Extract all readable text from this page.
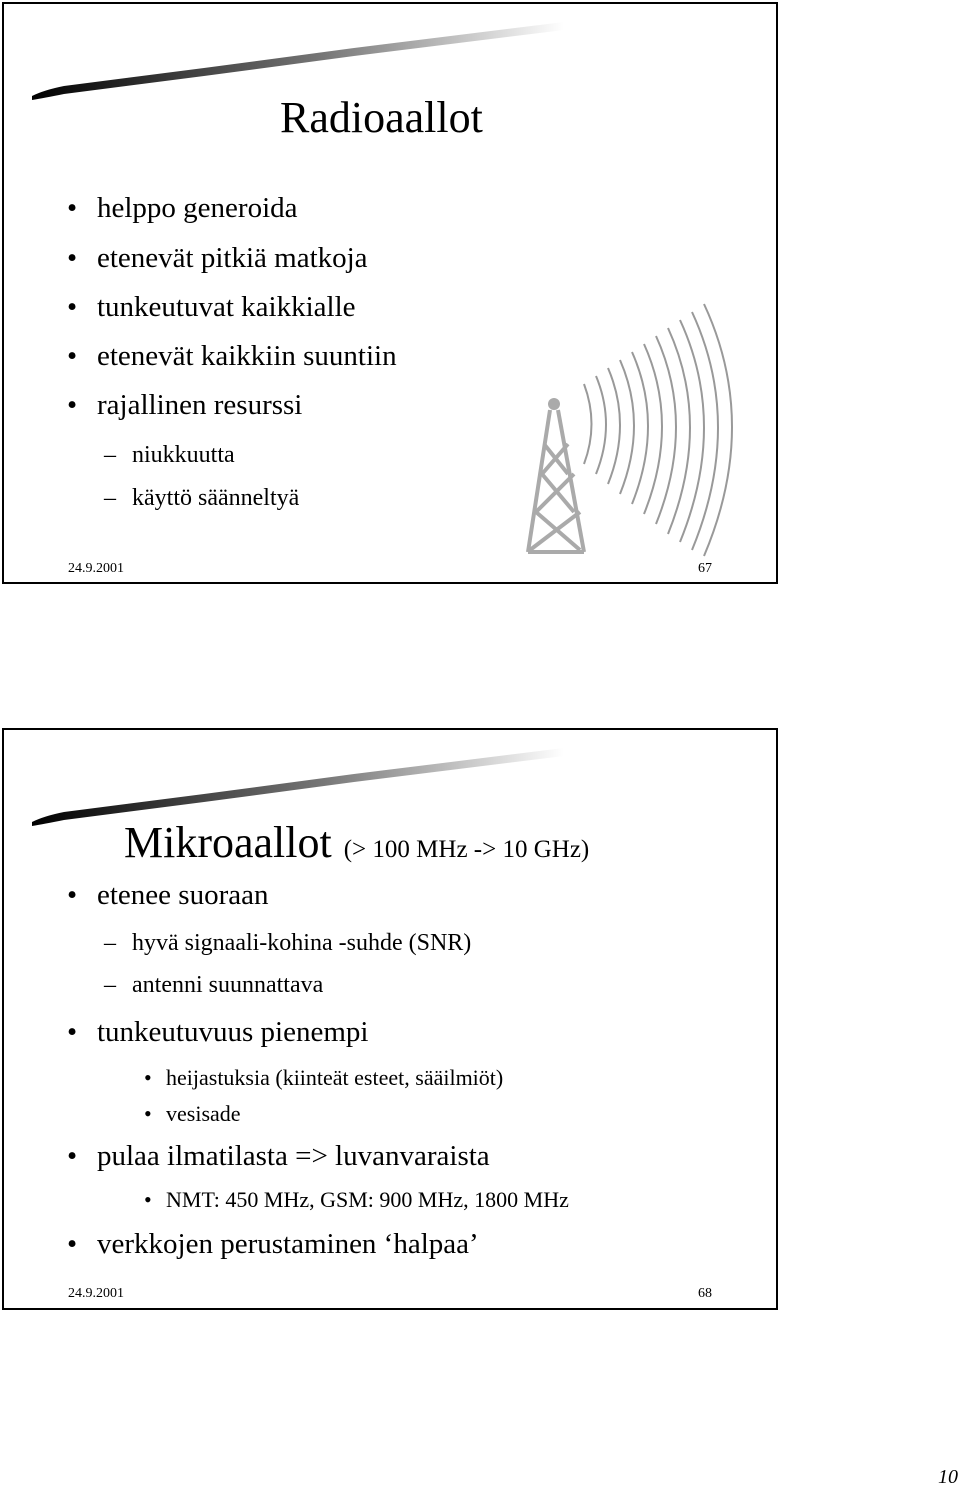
Radioaallot
• helppo generoida
• etenevät pitkiä matkoja
• tunkeutuvat kaikkialle
• etenevät kaikkiin suuntiin
• rajallinen resurssi
– niukkuutta
– käyttö säänneltyä
24.9.2001	67
Mikroaallot (> 100 MHz -> 10 GHz)
• etenee suoraan
– hyvä signaali-kohina -suhde (SNR)
– antenni suunnattava
• tunkeutuvuus pienempi
• heijastuksia (kiinteät esteet, sääilmiöt)
• vesisade
• pulaa ilmatilasta => luvanvaraista
• NMT: 450 MHz, GSM: 900 MHz, 1800 MHz
• verkkojen perustaminen ‘halpaa’
24.9.2001	68
10
